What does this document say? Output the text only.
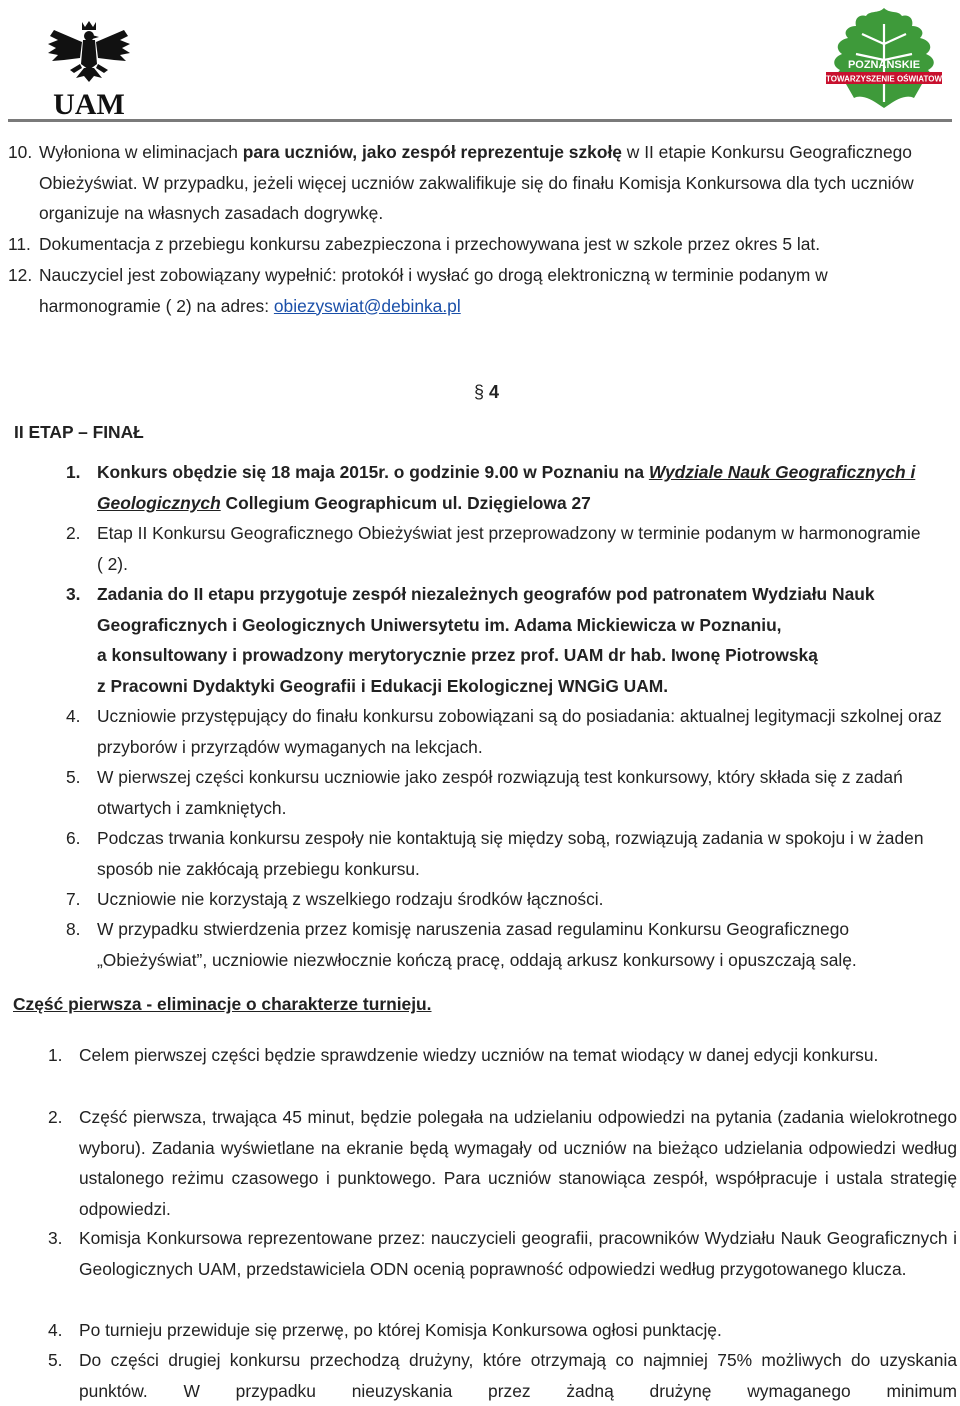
UAM
POZNAŃSKIE
STOWARZYSZENIE OŚWIATOWE
10. Wyłoniona w eliminacjach para uczniów, jako zespół reprezentuje szkołę w II etapie Konkursu Geograficznego Obieżyświat. W przypadku, jeżeli więcej uczniów zakwalifikuje się do finału Komisja Konkursowa dla tych uczniów organizuje na własnych zasadach dogrywkę.
11. Dokumentacja z przebiegu konkursu zabezpieczona i przechowywana jest w szkole przez okres 5 lat.
12. Nauczyciel jest zobowiązany wypełnić: protokół i wysłać go drogą elektroniczną w terminie podanym w harmonogramie ( 2) na adres: obiezyswiat@debinka.pl
§ 4
II ETAP – FINAŁ
1. Konkurs obędzie się 18 maja 2015r. o godzinie 9.00 w Poznaniu na Wydziale Nauk Geograficznych i Geologicznych Collegium Geographicum ul. Dzięgielowa 27
2. Etap II Konkursu Geograficznego Obieżyświat jest przeprowadzony w terminie podanym w harmonogramie ( 2).
3. Zadania do II etapu przygotuje zespół niezależnych geografów pod patronatem Wydziału Nauk Geograficznych i Geologicznych Uniwersytetu im. Adama Mickiewicza w Poznaniu,
a konsultowany i prowadzony merytorycznie przez prof. UAM dr hab. Iwonę Piotrowską
z Pracowni Dydaktyki Geografii i Edukacji Ekologicznej WNGiG UAM.
4. Uczniowie przystępujący do finału konkursu zobowiązani są do posiadania: aktualnej legitymacji szkolnej oraz przyborów i przyrządów wymaganych na lekcjach.
5. W pierwszej części konkursu uczniowie jako zespół rozwiązują test konkursowy, który składa się z zadań otwartych i zamkniętych.
6. Podczas trwania konkursu zespoły nie kontaktują się między sobą, rozwiązują zadania w spokoju i w żaden sposób nie zakłócają przebiegu konkursu.
7. Uczniowie nie korzystają z wszelkiego rodzaju środków łączności.
8. W przypadku stwierdzenia przez komisję naruszenia zasad regulaminu Konkursu Geograficznego „Obieżyświat”, uczniowie niezwłocznie kończą pracę, oddają arkusz konkursowy i opuszczają salę.
Część pierwsza - eliminacje o charakterze turnieju.
1. Celem pierwszej części będzie sprawdzenie wiedzy uczniów na temat wiodący w danej edycji konkursu.
2. Część pierwsza, trwająca 45 minut, będzie polegała na udzielaniu odpowiedzi na pytania (zadania wielokrotnego wyboru). Zadania wyświetlane na ekranie będą wymagały od uczniów na bieżąco udzielania odpowiedzi według ustalonego reżimu czasowego i punktowego. Para uczniów stanowiąca zespół, współpracuje i ustala strategię odpowiedzi.
3. Komisja Konkursowa reprezentowane przez: nauczycieli geografii, pracowników Wydziału Nauk Geograficznych i Geologicznych UAM, przedstawiciela ODN ocenią poprawność odpowiedzi według przygotowanego klucza.
4. Po turnieju przewiduje się przerwę, po której Komisja Konkursowa ogłosi punktację.
5. Do części drugiej konkursu przechodzą drużyny, które otrzymają co najmniej 75% możliwych do uzyskania punktów. W przypadku nieuzyskania przez żadną drużynę wymaganego minimum
